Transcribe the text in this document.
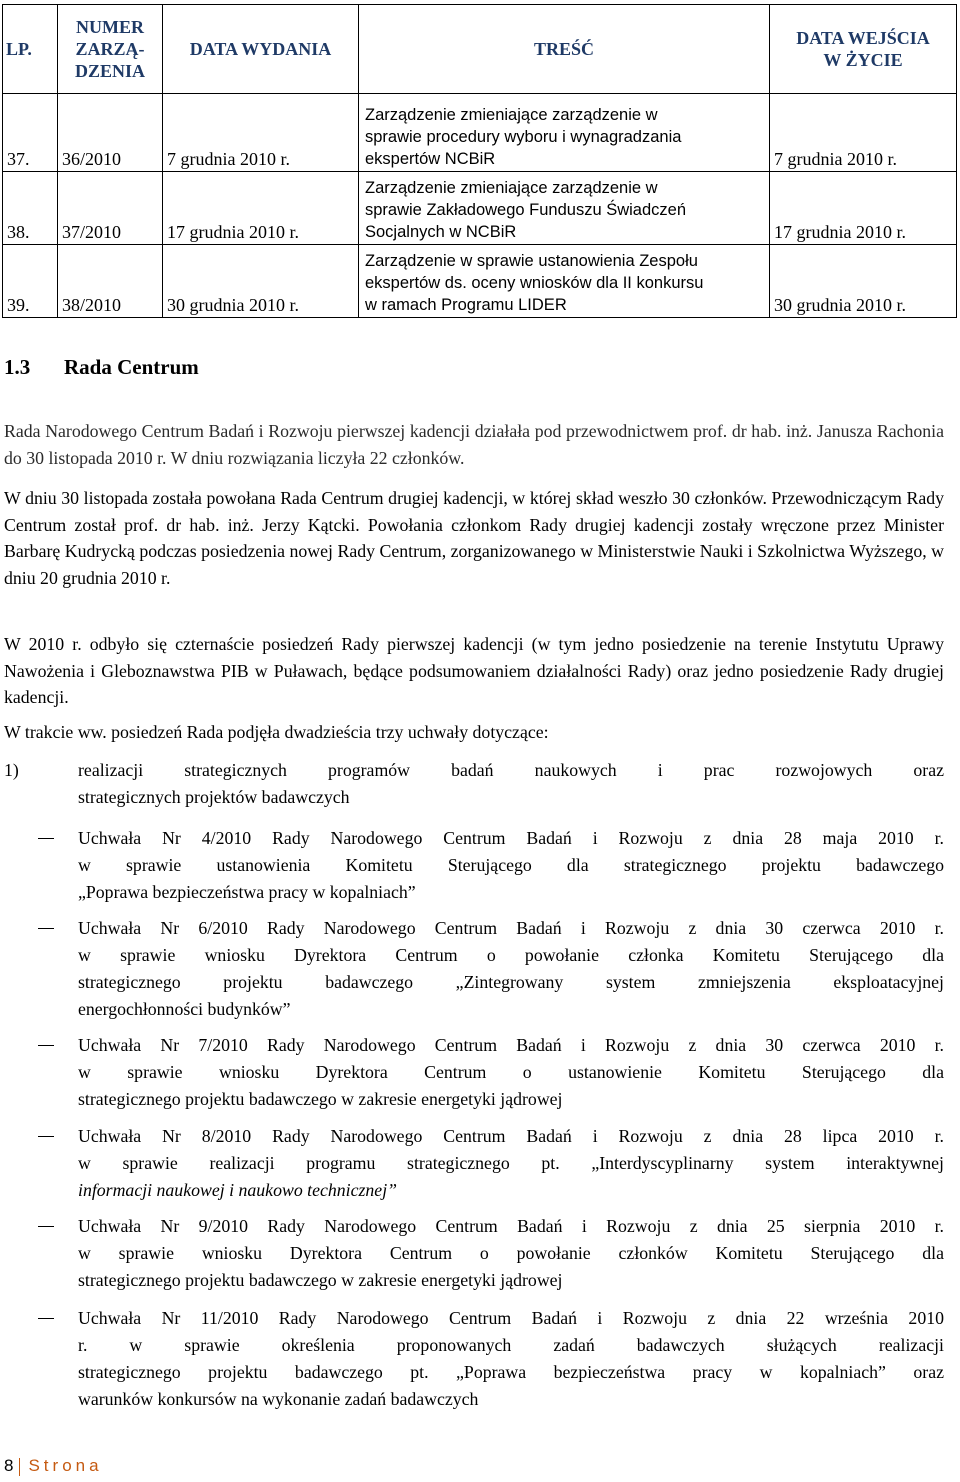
LP.	NUMER
ZARZĄ-
DZENIA	DATA WYDANIA	TREŚĆ	DATA WEJŚCIA
W ŻYCIE
37.	36/2010	7 grudnia 2010 r.	Zarządzenie zmieniające zarządzenie w
sprawie procedury wyboru i wynagradzania
ekspertów NCBiR	7 grudnia 2010 r.
38.	37/2010	17 grudnia 2010 r.	Zarządzenie zmieniające zarządzenie w
sprawie Zakładowego Funduszu Świadczeń
Socjalnych w NCBiR	17 grudnia 2010 r.
39.	38/2010	30 grudnia 2010 r.	Zarządzenie w sprawie ustanowienia Zespołu
ekspertów ds. oceny wniosków dla II konkursu
w ramach Programu LIDER	30 grudnia 2010 r.
1.3 Rada Centrum

Rada Narodowego Centrum Badań i Rozwoju pierwszej kadencji działała pod przewodnictwem prof. dr hab. inż. Janusza Rachonia do 30 listopada 2010 r. W dniu rozwiązania liczyła 22 członków.

W dniu 30 listopada została powołana Rada Centrum drugiej kadencji, w której skład weszło 30 członków. Przewodniczącym Rady Centrum został prof. dr hab. inż. Jerzy Kątcki. Powołania członkom Rady drugiej kadencji zostały wręczone przez Minister Barbarę Kudrycką podczas posiedzenia nowej Rady Centrum, zorganizowanego w Ministerstwie Nauki i Szkolnictwa Wyższego, w dniu 20 grudnia 2010 r.

W 2010 r. odbyło się czternaście posiedzeń Rady pierwszej kadencji (w tym jedno posiedzenie na terenie Instytutu Uprawy Nawożenia i Gleboznawstwa PIB w Puławach, będące podsumowaniem działalności Rady) oraz jedno posiedzenie Rady drugiej kadencji.

W trakcie ww. posiedzeń Rada podjęła dwadzieścia trzy uchwały dotyczące:

1)	realizacji strategicznych programów badań naukowych i prac rozwojowych oraz
strategicznych projektów badawczych
Uchwała Nr 4/2010 Rady Narodowego Centrum Badań i Rozwoju z dnia 28 maja 2010 r.
w sprawie ustanowienia Komitetu Sterującego dla strategicznego projektu badawczego
„Poprawa bezpieczeństwa pracy w kopalniach”
Uchwała Nr 6/2010 Rady Narodowego Centrum Badań i Rozwoju z dnia 30 czerwca 2010 r.
w sprawie wniosku Dyrektora Centrum o powołanie członka Komitetu Sterującego dla
strategicznego projektu badawczego „Zintegrowany system zmniejszenia eksploatacyjnej
energochłonności budynków”
Uchwała Nr 7/2010 Rady Narodowego Centrum Badań i Rozwoju z dnia 30 czerwca 2010 r.
w sprawie wniosku Dyrektora Centrum o ustanowienie Komitetu Sterującego dla
strategicznego projektu badawczego w zakresie energetyki jądrowej
Uchwała Nr 8/2010 Rady Narodowego Centrum Badań i Rozwoju z dnia 28 lipca 2010 r.
w sprawie realizacji programu strategicznego pt. „Interdyscyplinarny system interaktywnej
informacji naukowej i naukowo technicznej”
Uchwała Nr 9/2010 Rady Narodowego Centrum Badań i Rozwoju z dnia 25 sierpnia 2010 r.
w sprawie wniosku Dyrektora Centrum o powołanie członków Komitetu Sterującego dla
strategicznego projektu badawczego w zakresie energetyki jądrowej
Uchwała Nr 11/2010 Rady Narodowego Centrum Badań i Rozwoju z dnia 22 września 2010
r. w sprawie określenia proponowanych zadań badawczych służących realizacji
strategicznego projektu badawczego pt. „Poprawa bezpieczeństwa pracy w kopalniach” oraz
warunków konkursów na wykonanie zadań badawczych
8 Strona
